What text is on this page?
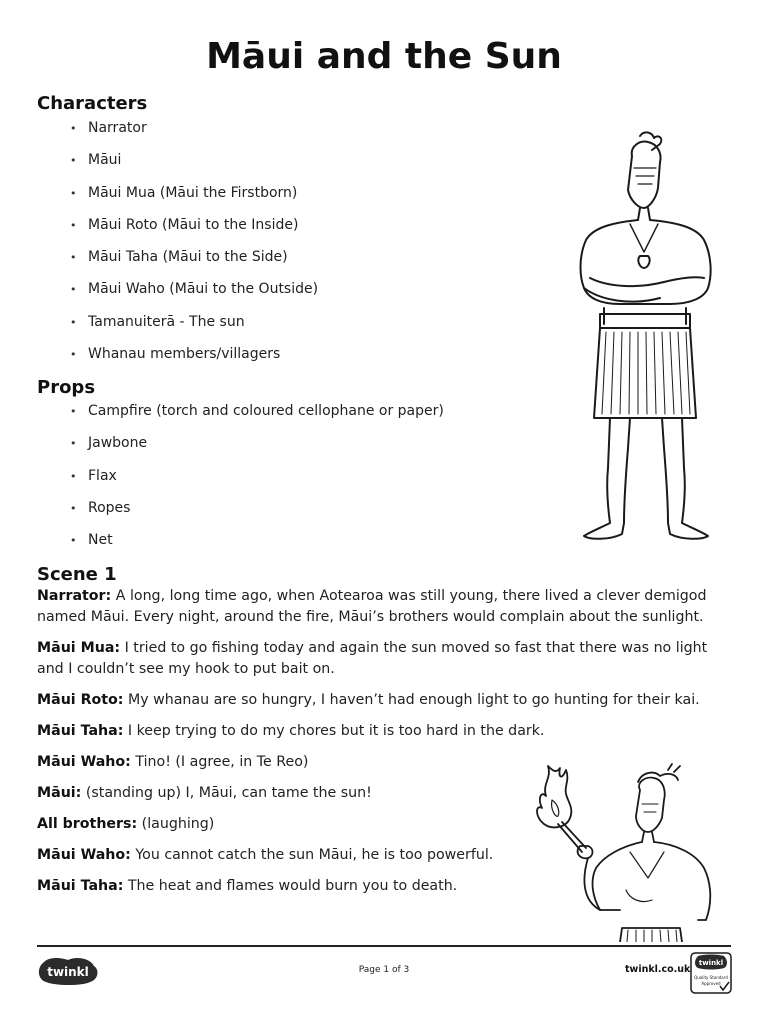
Māui and the Sun
Characters
• Narrator
• Māui
• Māui Mua (Māui the Firstborn)
• Māui Roto (Māui to the Inside)
• Māui Taha (Māui to the Side)
• Māui Waho (Māui to the Outside)
• Tamanuiterā - The sun
• Whanau members/villagers
Props
• Campfire (torch and coloured cellophane or paper)
• Jawbone
• Flax
• Ropes
• Net
Scene 1
Narrator: A long, long time ago, when Aotearoa was still young, there lived a clever demigod named Māui. Every night, around the fire, Māui’s brothers would complain about the sunlight.
Māui Mua: I tried to go fishing today and again the sun moved so fast that there was no light and I couldn’t see my hook to put bait on.
Māui Roto: My whanau are so hungry, I haven’t had enough light to go hunting for their kai.
Māui Taha: I keep trying to do my chores but it is too hard in the dark.
Māui Waho: Tino! (I agree, in Te Reo)
Māui: (standing up) I, Māui, can tame the sun!
All brothers: (laughing)
Māui Waho: You cannot catch the sun Māui, he is too powerful.
Māui Taha: The heat and flames would burn you to death.
twinkl	Page 1 of 3	twinkl.co.uk
twinkl
Quality Standard
Approved
